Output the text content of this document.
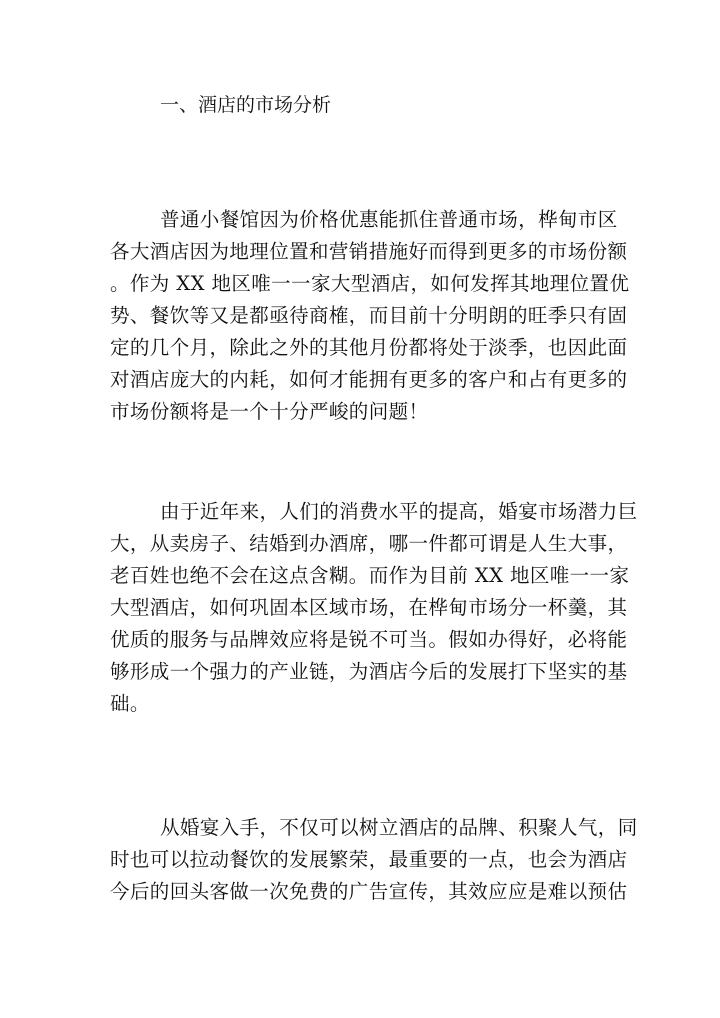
一、酒店的市场分析
普通小餐馆因为价格优惠能抓住普通市场，桦甸市区
各大酒店因为地理位置和营销措施好而得到更多的市场份额
。作为 XX 地区唯一一家大型酒店，如何发挥其地理位置优
势、餐饮等又是都亟待商榷，而目前十分明朗的旺季只有固
定的几个月，除此之外的其他月份都将处于淡季，也因此面
对酒店庞大的内耗，如何才能拥有更多的客户和占有更多的
市场份额将是一个十分严峻的问题！
由于近年来，人们的消费水平的提高，婚宴市场潜力巨
大，从卖房子、结婚到办酒席，哪一件都可谓是人生大事，
老百姓也绝不会在这点含糊。而作为目前 XX 地区唯一一家
大型酒店，如何巩固本区域市场，在桦甸市场分一杯羹，其
优质的服务与品牌效应将是锐不可当。假如办得好，必将能
够形成一个强力的产业链，为酒店今后的发展打下坚实的基
础。
从婚宴入手，不仅可以树立酒店的品牌、积聚人气，同
时也可以拉动餐饮的发展繁荣，最重要的一点，也会为酒店
今后的回头客做一次免费的广告宣传，其效应应是难以预估
